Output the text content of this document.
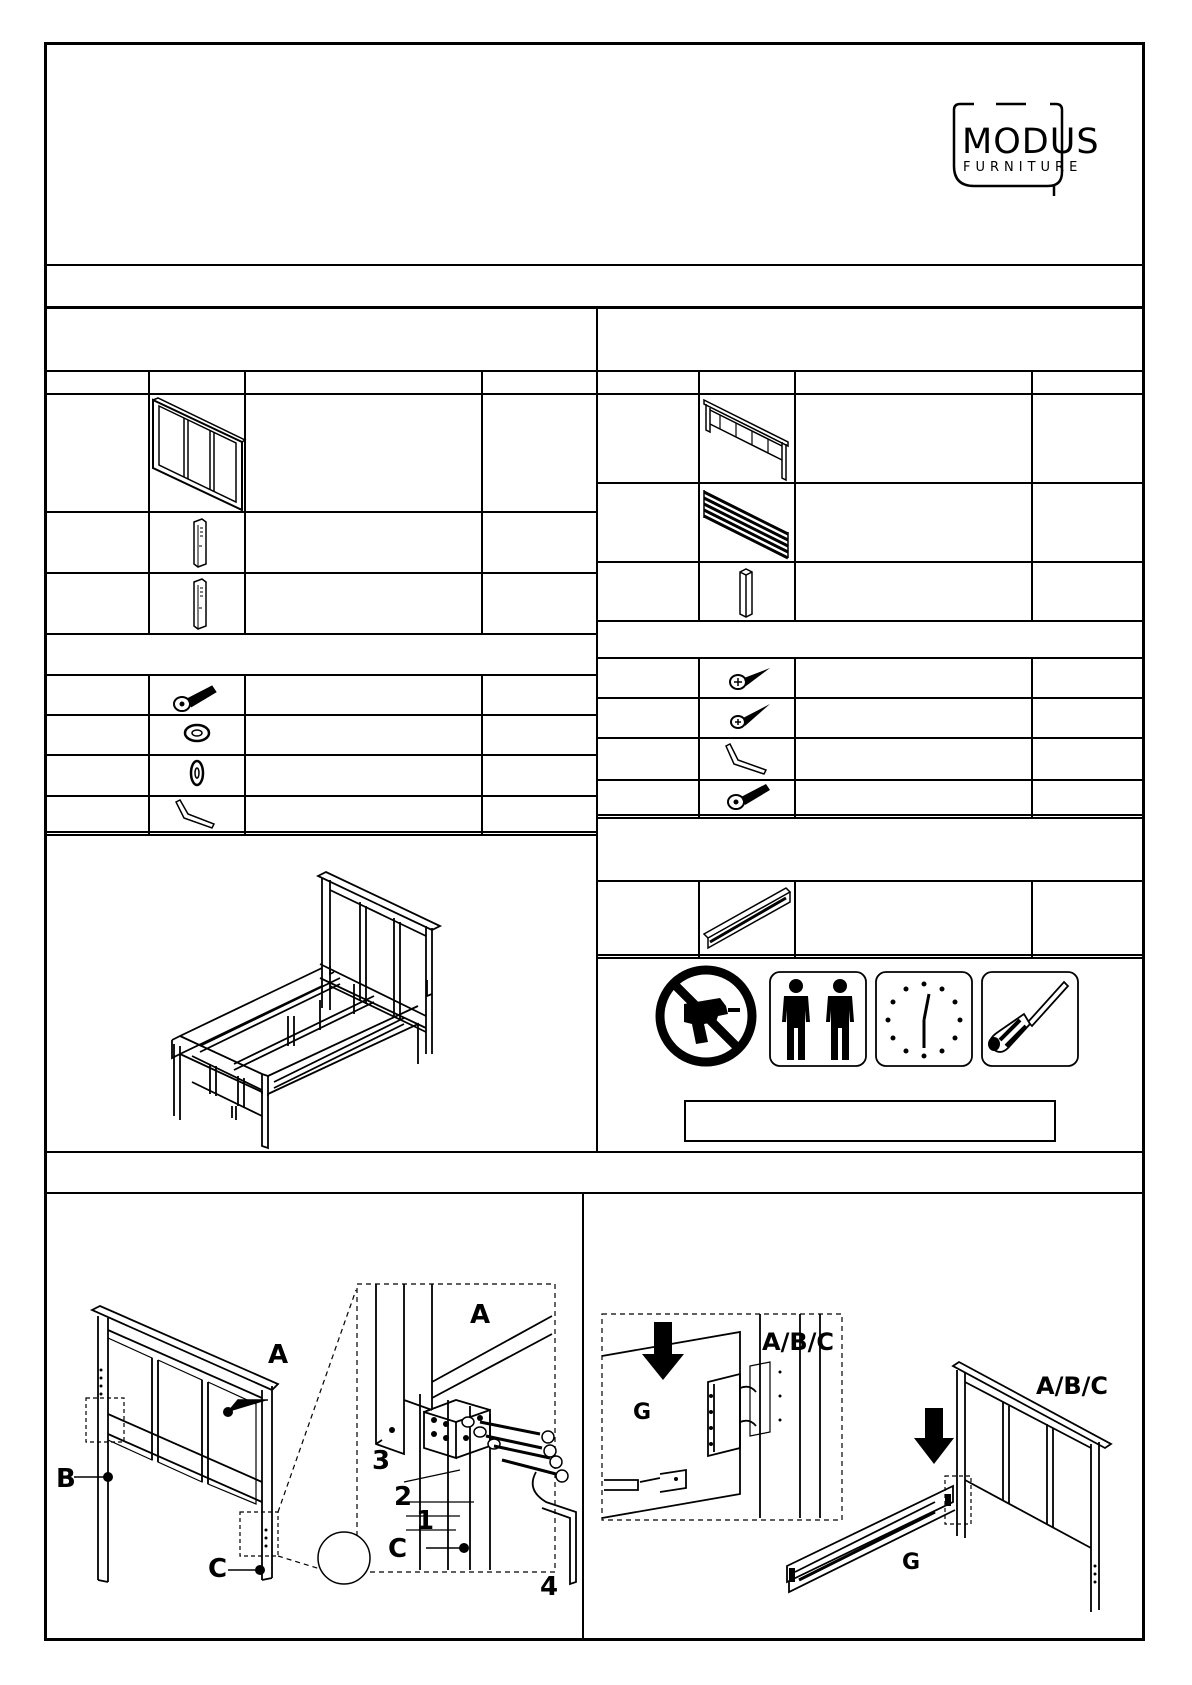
MODUS
FURNITURE
A
B
C
A
3
2
1
C
4
G
A/B/C
A/B/C
G
